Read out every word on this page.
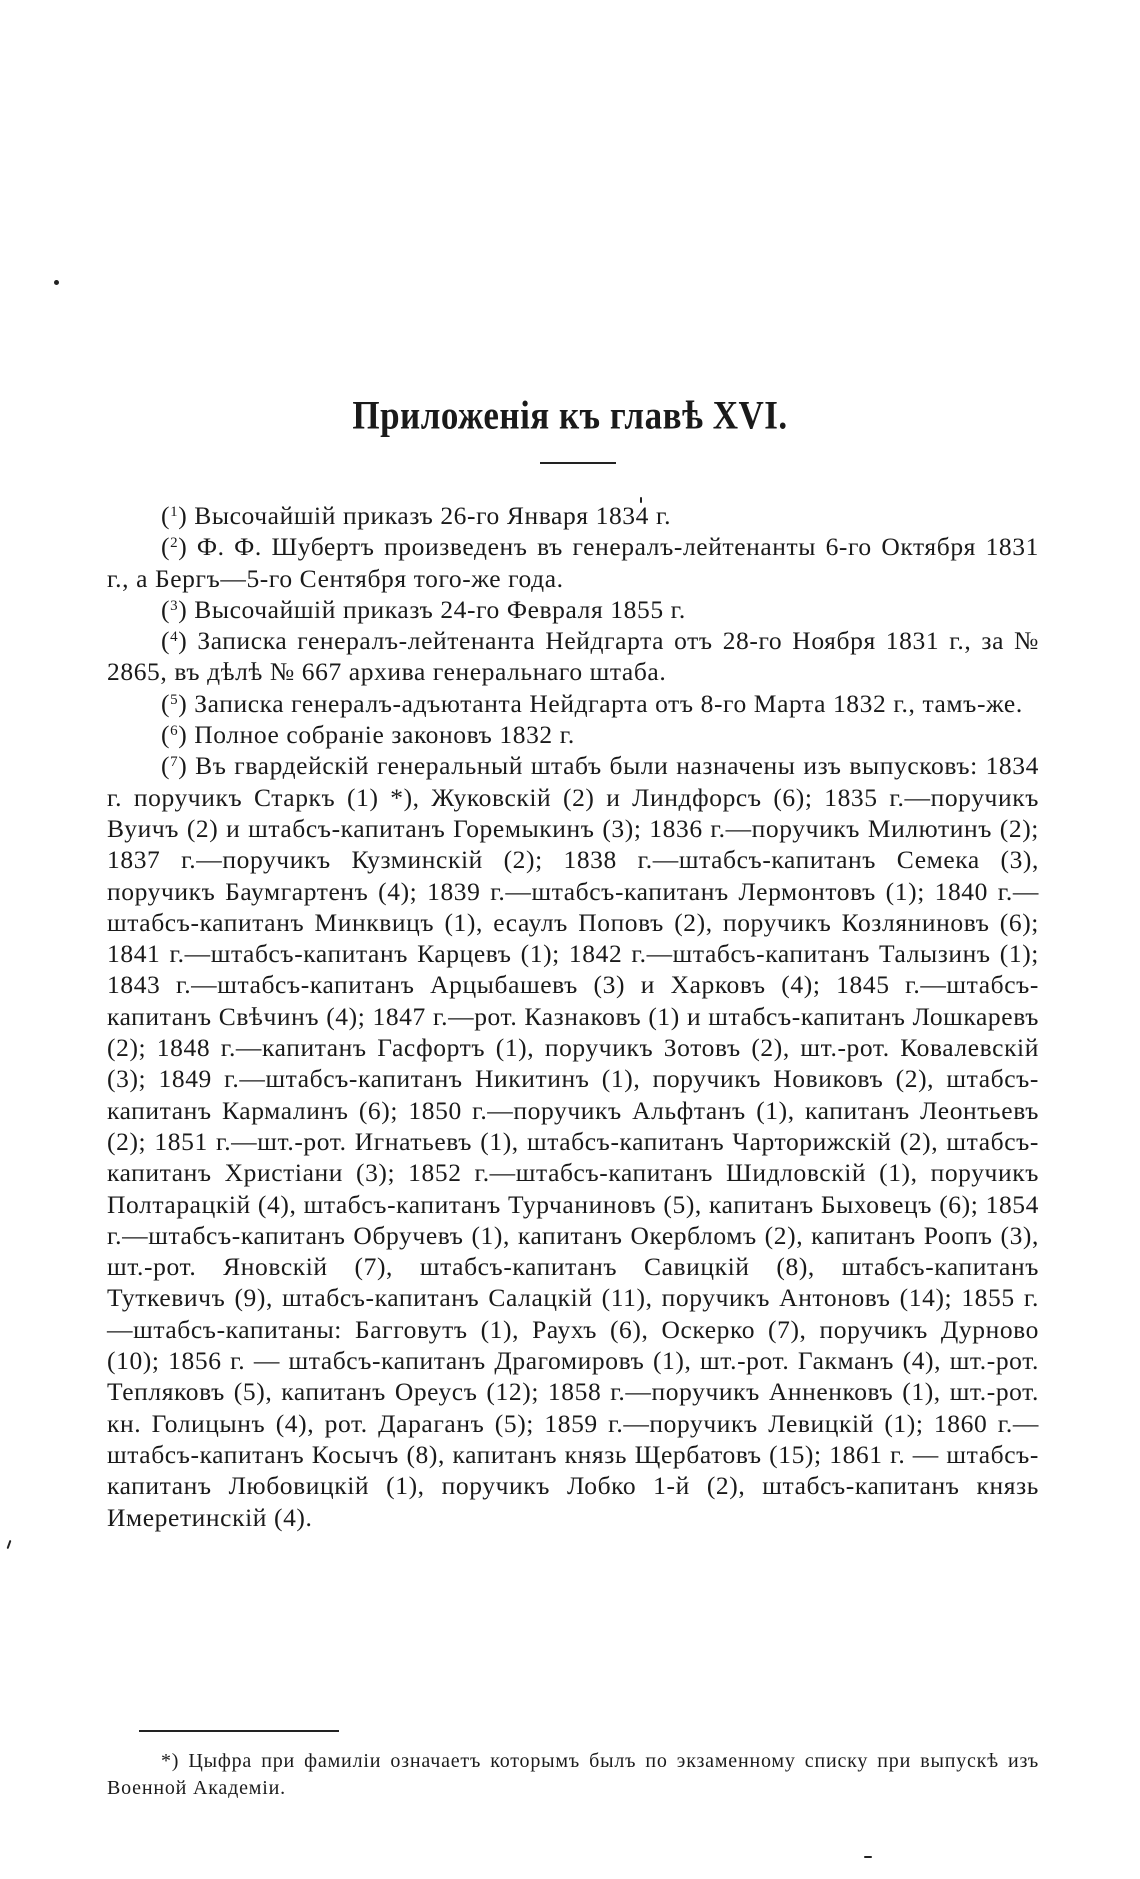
Приложенія къ главѣ XVI.

($^1$) Высочайшій приказъ 26-го Января 1834 г.

($^2$) Ф. Ф. Шубертъ произведенъ въ генералъ-лейтенанты 6-го Октября 1831 г., а Бергъ—5-го Сентября того-же года.

($^3$) Высочайшій приказъ 24-го Февраля 1855 г.

($^4$) Записка генералъ-лейтенанта Нейдгарта отъ 28-го Ноября 1831 г., за № 2865, въ дѣлѣ № 667 архива генеральнаго штаба.

($^5$) Записка генералъ-адъютанта Нейдгарта отъ 8-го Марта 1832 г., тамъ-же.

($^6$) Полное собраніе законовъ 1832 г.

($^7$) Въ гвардейскій генеральный штабъ были назначены изъ выпусковъ: 1834 г. поручикъ Старкъ (1) *), Жуковскій (2) и Линдфорсъ (6); 1835 г.—поручикъ Вуичъ (2) и штабсъ-капитанъ Горемыкинъ (3); 1836 г.—поручикъ Милютинъ (2); 1837 г.—поручикъ Кузминскій (2); 1838 г.—штабсъ-капитанъ Семека (3), поручикъ Баумгартенъ (4); 1839 г.—штабсъ-капитанъ Лермонтовъ (1); 1840 г.—штабсъ-капитанъ Минквицъ (1), есаулъ Поповъ (2), поручикъ Козляниновъ (6); 1841 г.—штабсъ-капитанъ Карцевъ (1); 1842 г.—штабсъ-капитанъ Талызинъ (1); 1843 г.—штабсъ-капитанъ Арцыбашевъ (3) и Харковъ (4); 1845 г.—штабсъ-капитанъ Свѣчинъ (4); 1847 г.—рот. Казнаковъ (1) и штабсъ-капитанъ Лошкаревъ (2); 1848 г.—капитанъ Гасфортъ (1), поручикъ Зотовъ (2), шт.-рот. Ковалевскій (3); 1849 г.—штабсъ-капитанъ Никитинъ (1), поручикъ Новиковъ (2), штабсъ-капитанъ Кармалинъ (6); 1850 г.—поручикъ Альфтанъ (1), капитанъ Леонтьевъ (2); 1851 г.—шт.-рот. Игнатьевъ (1), штабсъ-капитанъ Чарторижскій (2), штабсъ-капитанъ Христіани (3); 1852 г.—штабсъ-капитанъ Шидловскій (1), поручикъ Полтарацкій (4), штабсъ-капитанъ Турчаниновъ (5), капитанъ Быховецъ (6); 1854 г.—штабсъ-капитанъ Обручевъ (1), капитанъ Окербломъ (2), капитанъ Роопъ (3), шт.-рот. Яновскій (7), штабсъ-капитанъ Савицкій (8), штабсъ-капитанъ Туткевичъ (9), штабсъ-капитанъ Салацкій (11), поручикъ Антоновъ (14); 1855 г.—штабсъ-капитаны: Багговутъ (1), Раухъ (6), Оскерко (7), поручикъ Дурново (10); 1856 г. — штабсъ-капитанъ Драгомировъ (1), шт.-рот. Гакманъ (4), шт.-рот. Тепляковъ (5), капитанъ Ореусъ (12); 1858 г.—поручикъ Анненковъ (1), шт.-рот. кн. Голицынъ (4), рот. Дараганъ (5); 1859 г.—поручикъ Левицкій (1); 1860 г.—штабсъ-капитанъ Косычъ (8), капитанъ князь Щербатовъ (15); 1861 г. — штабсъ-капитанъ Любовицкій (1), поручикъ Лобко 1-й (2), штабсъ-капитанъ князь Имеретинскій (4).

*) Цыфра при фамиліи означаетъ которымъ былъ по экзаменному списку при выпускѣ изъ Военной Академіи.
